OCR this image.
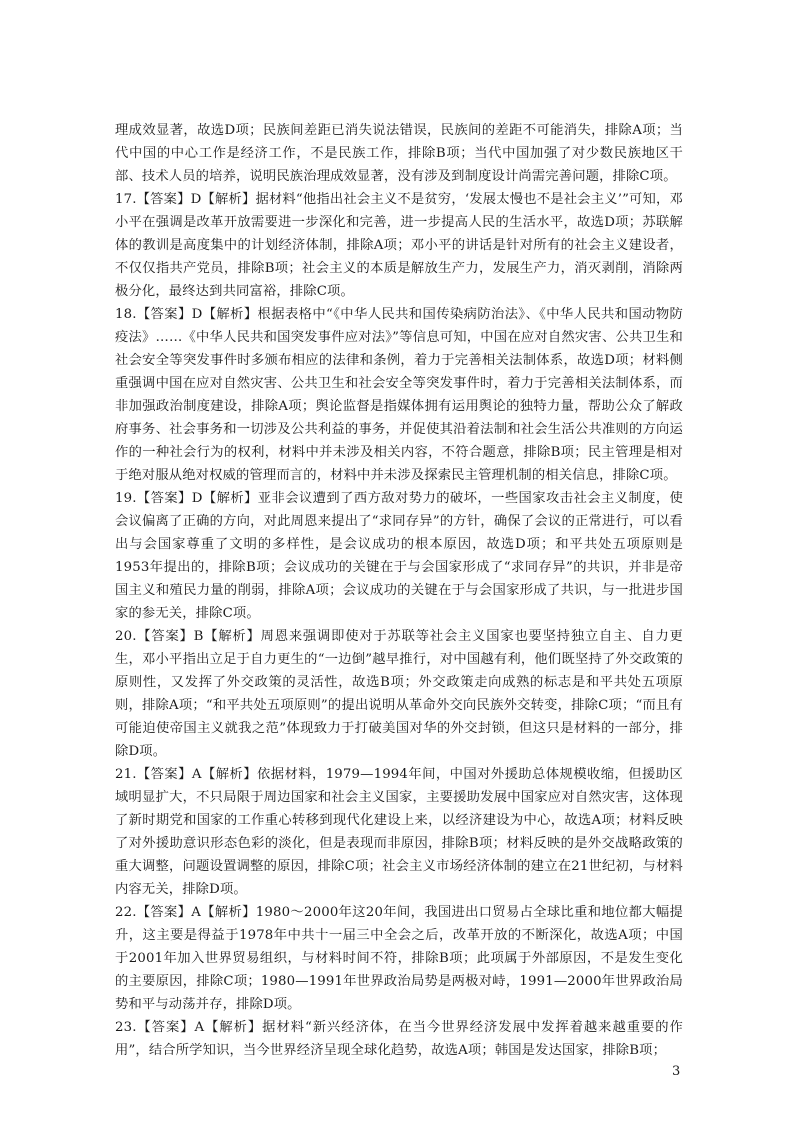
理成效显著，故选D项；民族间差距已消失说法错误，民族间的差距不可能消失，排除A项；当代中国的中心工作是经济工作，不是民族工作，排除B项；当代中国加强了对少数民族地区干部、技术人员的培养，说明民族治理成效显著，没有涉及到制度设计尚需完善问题，排除C项。

17.【答案】D【解析】据材料“他指出社会主义不是贫穷，‘发展太慢也不是社会主义’”可知，邓小平在强调是改革开放需要进一步深化和完善，进一步提高人民的生活水平，故选D项；苏联解体的教训是高度集中的计划经济体制，排除A项；邓小平的讲话是针对所有的社会主义建设者，不仅仅指共产党员，排除B项；社会主义的本质是解放生产力，发展生产力，消灭剥削，消除两极分化，最终达到共同富裕，排除C项。

18.【答案】D【解析】根据表格中“《中华人民共和国传染病防治法》、《中华人民共和国动物防疫法》……《中华人民共和国突发事件应对法》”等信息可知，中国在应对自然灾害、公共卫生和社会安全等突发事件时多颁布相应的法律和条例，着力于完善相关法制体系，故选D项；材料侧重强调中国在应对自然灾害、公共卫生和社会安全等突发事件时，着力于完善相关法制体系，而非加强政治制度建设，排除A项；舆论监督是指媒体拥有运用舆论的独特力量，帮助公众了解政府事务、社会事务和一切涉及公共利益的事务，并促使其沿着法制和社会生活公共准则的方向运作的一种社会行为的权利，材料中并未涉及相关内容，不符合题意，排除B项；民主管理是相对于绝对服从绝对权威的管理而言的，材料中并未涉及探索民主管理机制的相关信息，排除C项。

19.【答案】D【解析】亚非会议遭到了西方敌对势力的破坏，一些国家攻击社会主义制度，使会议偏离了正确的方向，对此周恩来提出了“求同存异”的方针，确保了会议的正常进行，可以看出与会国家尊重了文明的多样性，是会议成功的根本原因，故选D项；和平共处五项原则是1953年提出的，排除B项；会议成功的关键在于与会国家形成了“求同存异”的共识，并非是帝国主义和殖民力量的削弱，排除A项；会议成功的关键在于与会国家形成了共识，与一批进步国家的参无关，排除C项。

20.【答案】B【解析】周恩来强调即使对于苏联等社会主义国家也要坚持独立自主、自力更生，邓小平指出立足于自力更生的“一边倒”越早推行，对中国越有利，他们既坚持了外交政策的原则性，又发挥了外交政策的灵活性，故选B项；外交政策走向成熟的标志是和平共处五项原则，排除A项；“和平共处五项原则”的提出说明从革命外交向民族外交转变，排除C项；“而且有可能迫使帝国主义就我之范”体现致力于打破美国对华的外交封锁，但这只是材料的一部分，排除D项。

21.【答案】A【解析】依据材料，1979—1994年间，中国对外援助总体规模收缩，但援助区域明显扩大，不只局限于周边国家和社会主义国家，主要援助发展中国家应对自然灾害，这体现了新时期党和国家的工作重心转移到现代化建设上来，以经济建设为中心，故选A项；材料反映了对外援助意识形态色彩的淡化，但是表现而非原因，排除B项；材料反映的是外交战略政策的重大调整，问题设置调整的原因，排除C项；社会主义市场经济体制的建立在21世纪初，与材料内容无关，排除D项。

22.【答案】A【解析】1980～2000年这20年间，我国进出口贸易占全球比重和地位都大幅提升，这主要是得益于1978年中共十一届三中全会之后，改革开放的不断深化，故选A项；中国于2001年加入世界贸易组织，与材料时间不符，排除B项；此项属于外部原因，不是发生变化的主要原因，排除C项；1980—1991年世界政治局势是两极对峙，1991—2000年世界政治局势和平与动荡并存，排除D项。

23.【答案】A【解析】据材料“新兴经济体，在当今世界经济发展中发挥着越来越重要的作用”，结合所学知识，当今世界经济呈现全球化趋势，故选A项；韩国是发达国家，排除B项；

3
